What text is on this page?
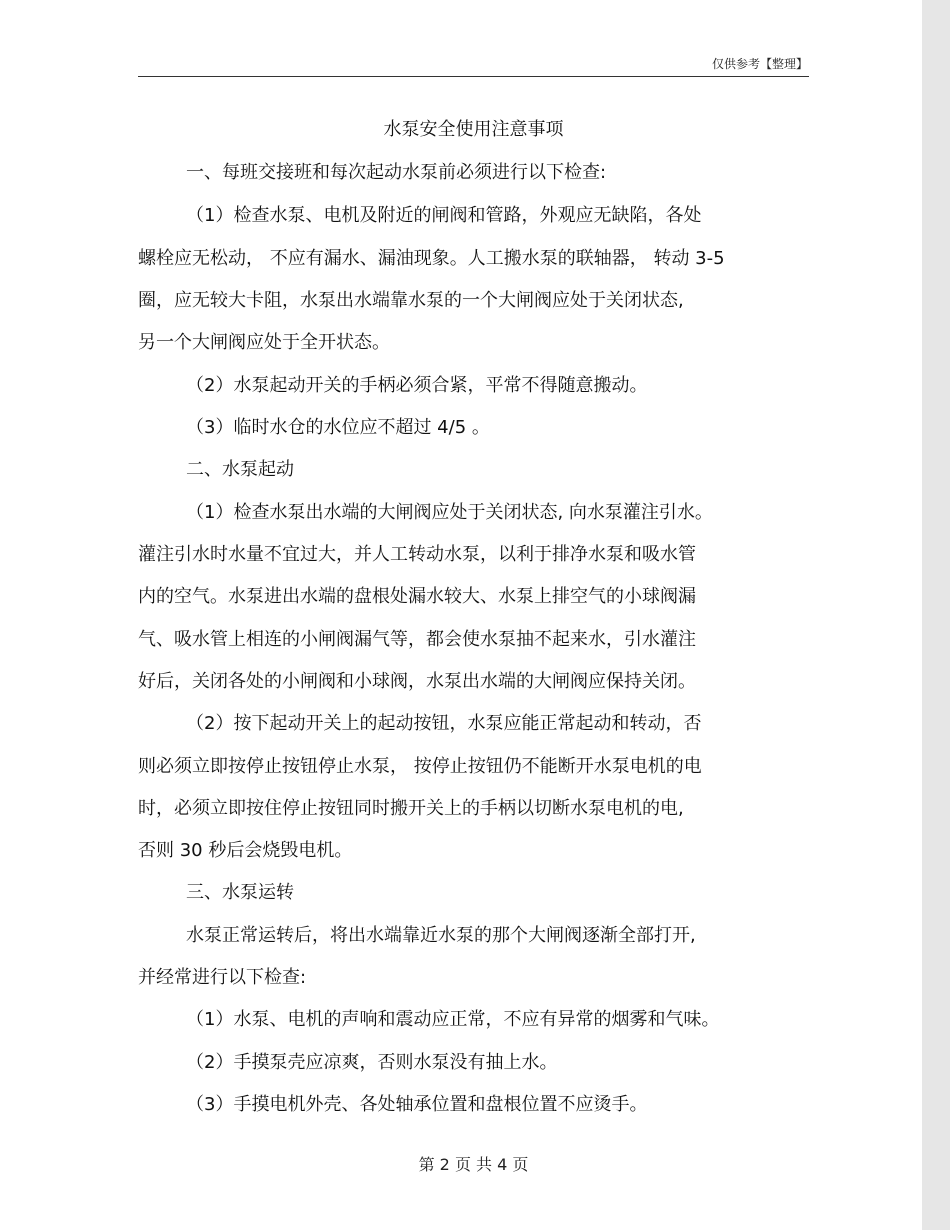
仅供参考【整理】
水泵安全使用注意事项
一、每班交接班和每次起动水泵前必须进行以下检查:
（1）检查水泵、电机及附近的闸阀和管路，外观应无缺陷，各处
螺栓应无松动， 不应有漏水、漏油现象。人工搬水泵的联轴器， 转动 3-5
圈，应无较大卡阻，水泵出水端靠水泵的一个大闸阀应处于关闭状态,
另一个大闸阀应处于全开状态。
（2）水泵起动开关的手柄必须合紧，平常不得随意搬动。
（3）临时水仓的水位应不超过 4/5 。
二、水泵起动
（1）检查水泵出水端的大闸阀应处于关闭状态, 向水泵灌注引水。
灌注引水时水量不宜过大，并人工转动水泵，以利于排净水泵和吸水管
内的空气。水泵进出水端的盘根处漏水较大、水泵上排空气的小球阀漏
气、吸水管上相连的小闸阀漏气等，都会使水泵抽不起来水，引水灌注
好后，关闭各处的小闸阀和小球阀，水泵出水端的大闸阀应保持关闭。
（2）按下起动开关上的起动按钮，水泵应能正常起动和转动，否
则必须立即按停止按钮停止水泵， 按停止按钮仍不能断开水泵电机的电
时，必须立即按住停止按钮同时搬开关上的手柄以切断水泵电机的电,
否则 30 秒后会烧毁电机。
三、水泵运转
水泵正常运转后，将出水端靠近水泵的那个大闸阀逐渐全部打开,
并经常进行以下检查:
（1）水泵、电机的声响和震动应正常，不应有异常的烟雾和气味。
（2）手摸泵壳应凉爽，否则水泵没有抽上水。
（3）手摸电机外壳、各处轴承位置和盘根位置不应烫手。
第 2 页 共 4 页
